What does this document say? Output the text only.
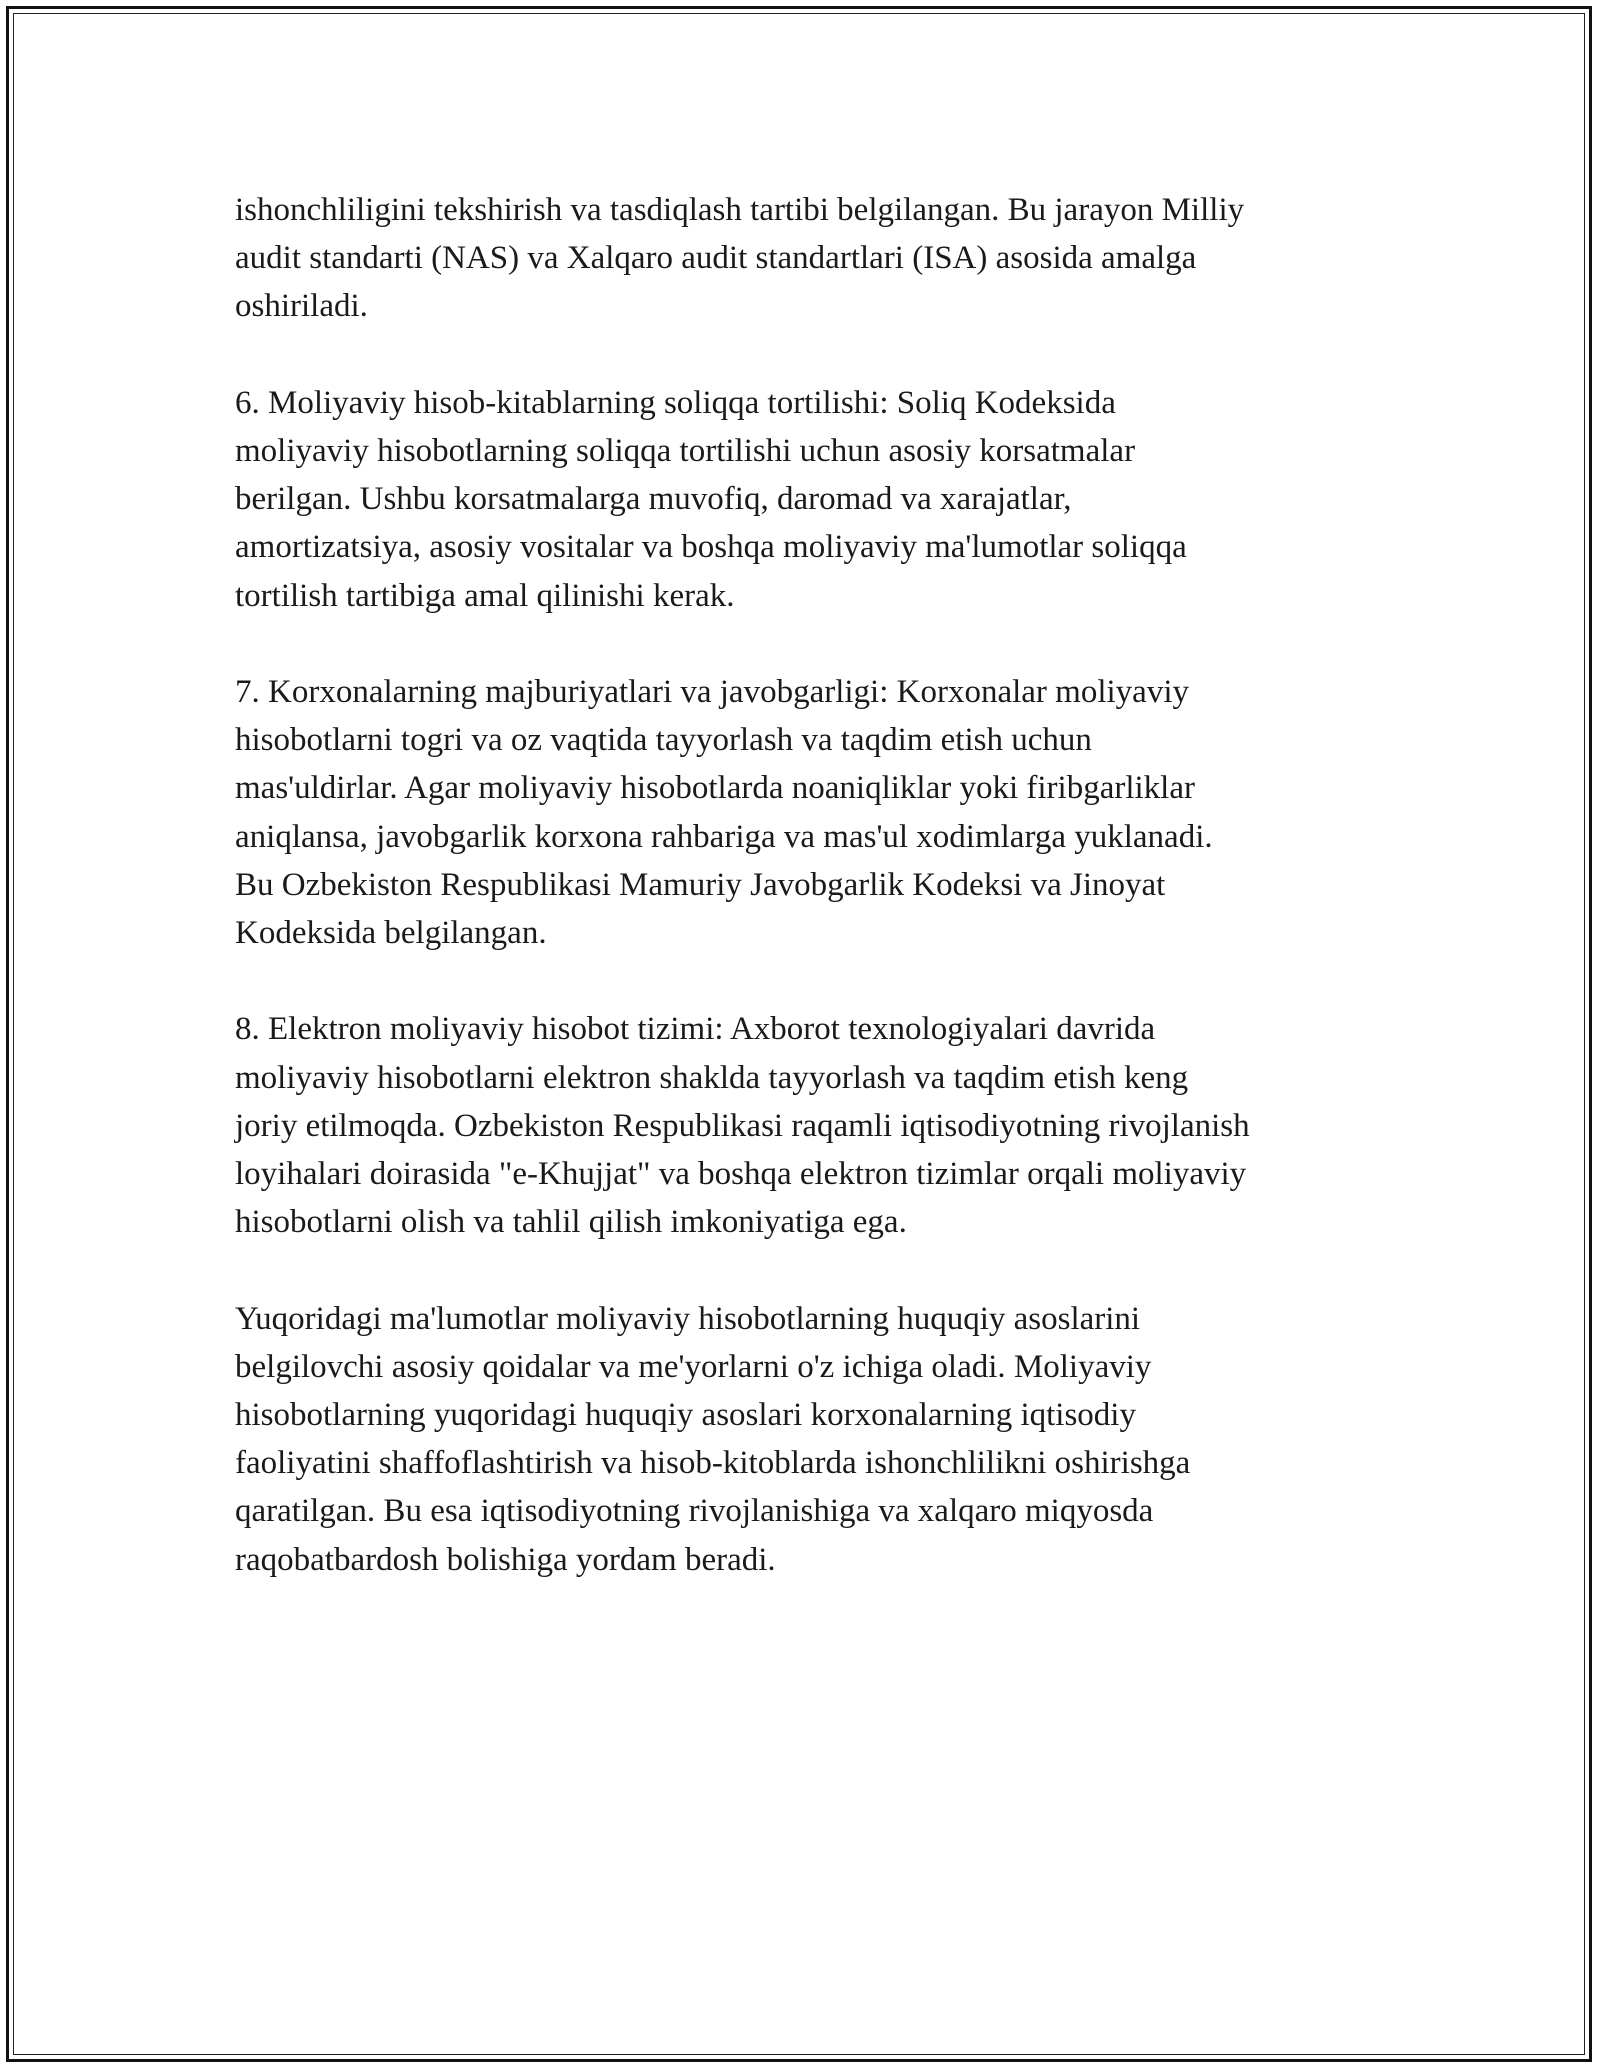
ishonchliligini tekshirish va tasdiqlash tartibi belgilangan. Bu jarayon Milliy
audit standarti (NAS) va Xalqaro audit standartlari (ISA) asosida amalga
oshiriladi.

6. Moliyaviy hisob-kitablarning soliqqa tortilishi: Soliq Kodeksida
moliyaviy hisobotlarning soliqqa tortilishi uchun asosiy korsatmalar
berilgan. Ushbu korsatmalarga muvofiq, daromad va xarajatlar,
amortizatsiya, asosiy vositalar va boshqa moliyaviy ma'lumotlar soliqqa
tortilish tartibiga amal qilinishi kerak.

7. Korxonalarning majburiyatlari va javobgarligi: Korxonalar moliyaviy
hisobotlarni togri va oz vaqtida tayyorlash va taqdim etish uchun
mas'uldirlar. Agar moliyaviy hisobotlarda noaniqliklar yoki firibgarliklar
aniqlansa, javobgarlik korxona rahbariga va mas'ul xodimlarga yuklanadi.
Bu Ozbekiston Respublikasi Mamuriy Javobgarlik Kodeksi va Jinoyat
Kodeksida belgilangan.

8. Elektron moliyaviy hisobot tizimi: Axborot texnologiyalari davrida
moliyaviy hisobotlarni elektron shaklda tayyorlash va taqdim etish keng
joriy etilmoqda. Ozbekiston Respublikasi raqamli iqtisodiyotning rivojlanish
loyihalari doirasida "e-Khujjat" va boshqa elektron tizimlar orqali moliyaviy
hisobotlarni olish va tahlil qilish imkoniyatiga ega.

Yuqoridagi ma'lumotlar moliyaviy hisobotlarning huquqiy asoslarini
belgilovchi asosiy qoidalar va me'yorlarni o'z ichiga oladi. Moliyaviy
hisobotlarning yuqoridagi huquqiy asoslari korxonalarning iqtisodiy
faoliyatini shaffoflashtirish va hisob-kitoblarda ishonchlilikni oshirishga
qaratilgan. Bu esa iqtisodiyotning rivojlanishiga va xalqaro miqyosda
raqobatbardosh bolishiga yordam beradi.
